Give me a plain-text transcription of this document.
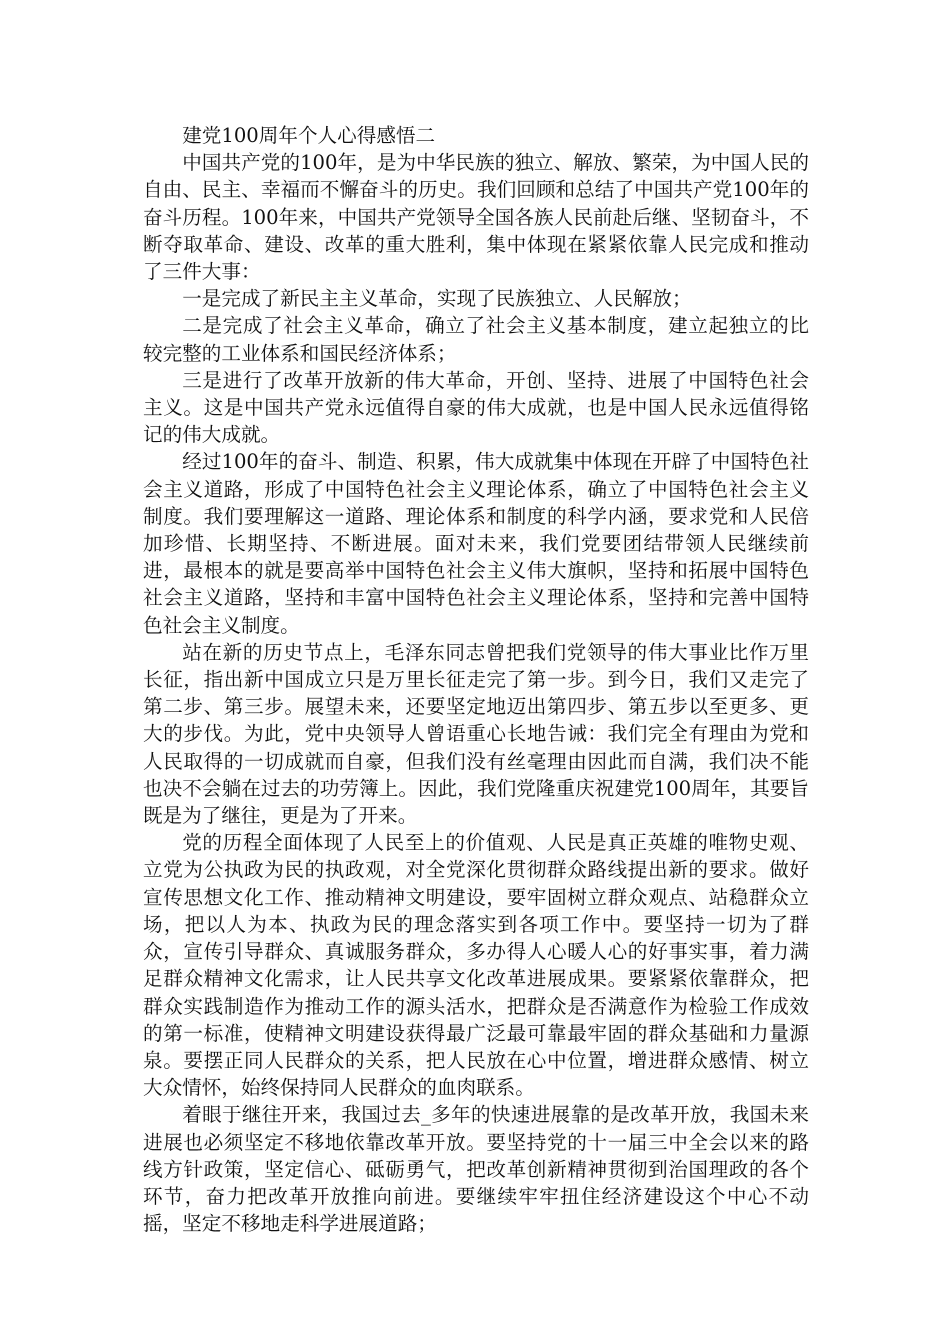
建党100周年个人心得感悟二

中国共产党的100年，是为中华民族的独立、解放、繁荣，为中国人民的自由、民主、幸福而不懈奋斗的历史。我们回顾和总结了中国共产党100年的奋斗历程。100年来，中国共产党领导全国各族人民前赴后继、坚韧奋斗，不断夺取革命、建设、改革的重大胜利，集中体现在紧紧依靠人民完成和推动了三件大事：

一是完成了新民主主义革命，实现了民族独立、人民解放；

二是完成了社会主义革命，确立了社会主义基本制度，建立起独立的比较完整的工业体系和国民经济体系；

三是进行了改革开放新的伟大革命，开创、坚持、进展了中国特色社会主义。这是中国共产党永远值得自豪的伟大成就，也是中国人民永远值得铭记的伟大成就。

经过100年的奋斗、制造、积累，伟大成就集中体现在开辟了中国特色社会主义道路，形成了中国特色社会主义理论体系，确立了中国特色社会主义制度。我们要理解这一道路、理论体系和制度的科学内涵，要求党和人民倍加珍惜、长期坚持、不断进展。面对未来，我们党要团结带领人民继续前进，最根本的就是要高举中国特色社会主义伟大旗帜，坚持和拓展中国特色社会主义道路，坚持和丰富中国特色社会主义理论体系，坚持和完善中国特色社会主义制度。

站在新的历史节点上，毛泽东同志曾把我们党领导的伟大事业比作万里长征，指出新中国成立只是万里长征走完了第一步。到今日，我们又走完了第二步、第三步。展望未来，还要坚定地迈出第四步、第五步以至更多、更大的步伐。为此，党中央领导人曾语重心长地告诫：我们完全有理由为党和人民取得的一切成就而自豪，但我们没有丝毫理由因此而自满，我们决不能也决不会躺在过去的功劳簿上。因此，我们党隆重庆祝建党100周年，其要旨既是为了继往，更是为了开来。

党的历程全面体现了人民至上的价值观、人民是真正英雄的唯物史观、立党为公执政为民的执政观，对全党深化贯彻群众路线提出新的要求。做好宣传思想文化工作、推动精神文明建设，要牢固树立群众观点、站稳群众立场，把以人为本、执政为民的理念落实到各项工作中。要坚持一切为了群众，宣传引导群众、真诚服务群众，多办得人心暖人心的好事实事，着力满足群众精神文化需求，让人民共享文化改革进展成果。要紧紧依靠群众，把群众实践制造作为推动工作的源头活水，把群众是否满意作为检验工作成效的第一标准，使精神文明建设获得最广泛最可靠最牢固的群众基础和力量源泉。要摆正同人民群众的关系，把人民放在心中位置，增进群众感情、树立大众情怀，始终保持同人民群众的血肉联系。

着眼于继往开来，我国过去_多年的快速进展靠的是改革开放，我国未来进展也必须坚定不移地依靠改革开放。要坚持党的十一届三中全会以来的路线方针政策，坚定信心、砥砺勇气，把改革创新精神贯彻到治国理政的各个环节，奋力把改革开放推向前进。要继续牢牢扭住经济建设这个中心不动摇，坚定不移地走科学进展道路；
